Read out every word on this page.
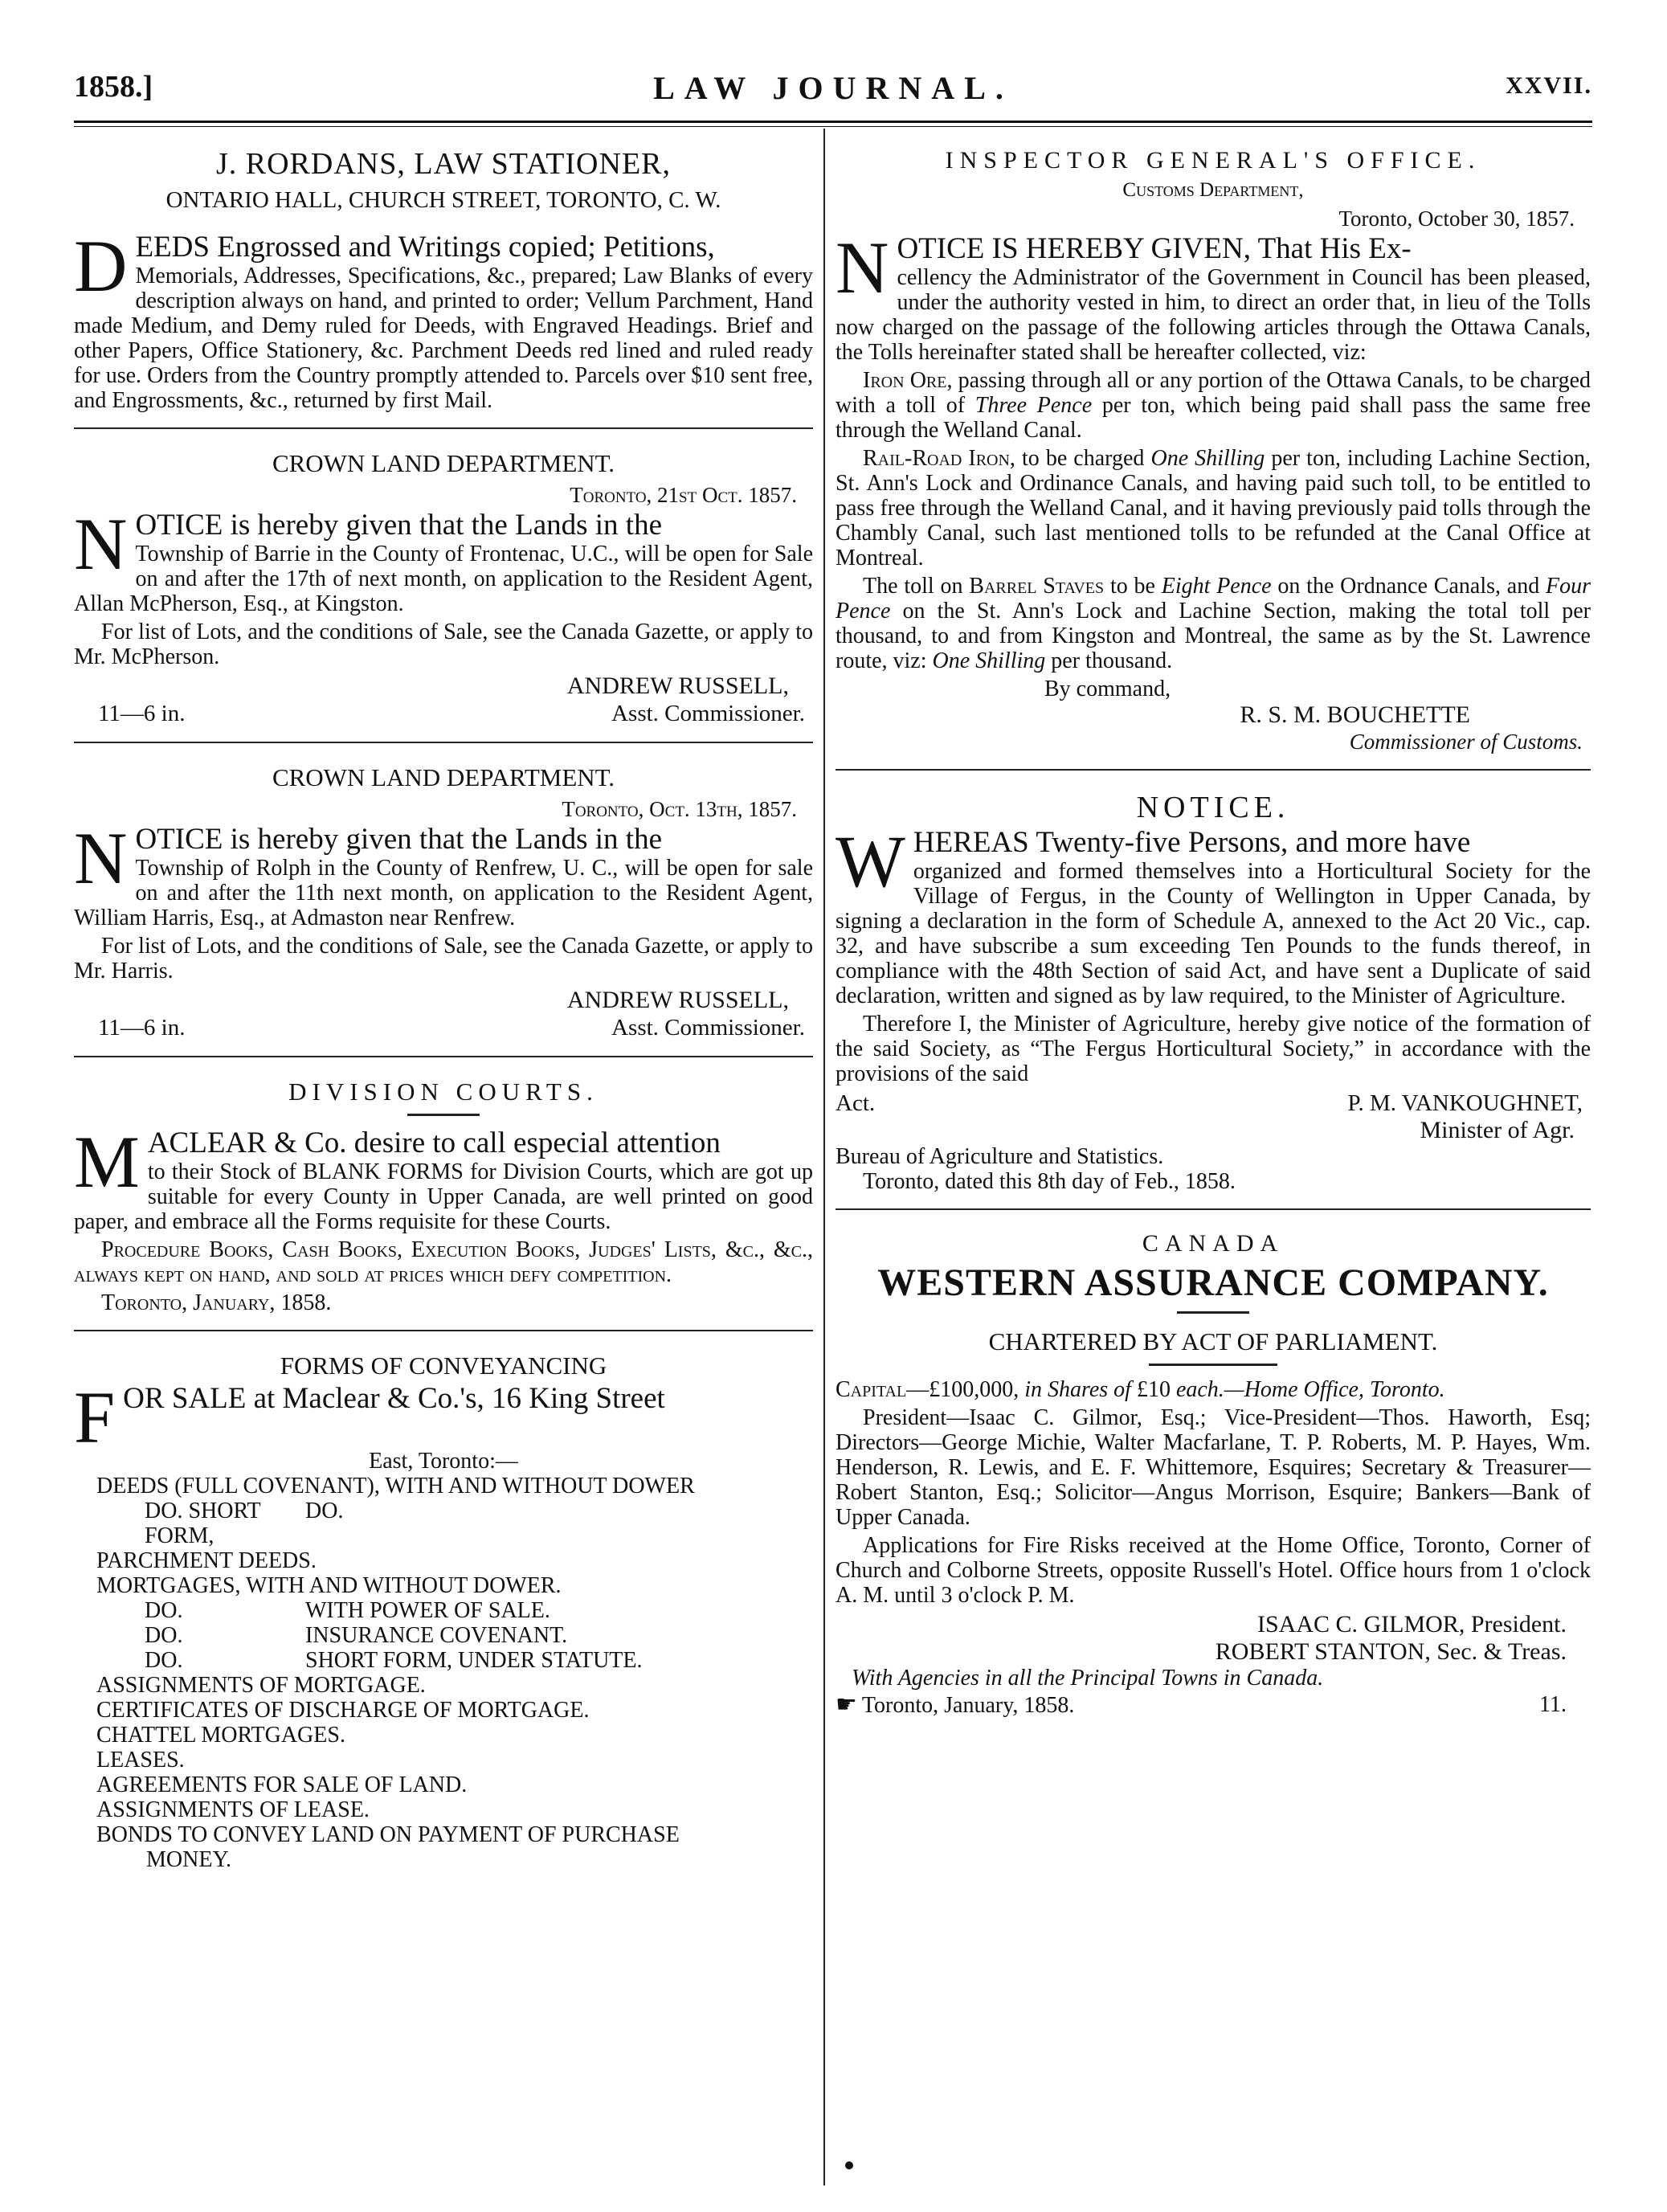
1858.]	LAW JOURNAL.	XXVII.
J. RORDANS, LAW STATIONER,
ONTARIO HALL, CHURCH STREET, TORONTO, C. W.
DEEDS Engrossed and Writings copied; Petitions,

Memorials, Addresses, Specifications, &c., prepared; Law Blanks of every description always on hand, and printed to order; Vellum Parchment, Hand made Medium, and Demy ruled for Deeds, with Engraved Headings. Brief and other Papers, Office Stationery, &c. Parchment Deeds red lined and ruled ready for use. Orders from the Country promptly attended to. Parcels over $10 sent free, and Engrossments, &c., returned by first Mail.

CROWN LAND DEPARTMENT.
Toronto, 21st Oct. 1857.
NOTICE is hereby given that the Lands in the

Township of Barrie in the County of Frontenac, U.C., will be open for Sale on and after the 17th of next month, on application to the Resident Agent, Allan McPherson, Esq., at Kingston.

For list of Lots, and the conditions of Sale, see the Canada Gazette, or apply to Mr. McPherson.

ANDREW RUSSELL,
11—6 in.	Asst. Commissioner.
CROWN LAND DEPARTMENT.
Toronto, Oct. 13th, 1857.
NOTICE is hereby given that the Lands in the

Township of Rolph in the County of Renfrew, U. C., will be open for sale on and after the 11th next month, on application to the Resident Agent, William Harris, Esq., at Admaston near Renfrew.

For list of Lots, and the conditions of Sale, see the Canada Gazette, or apply to Mr. Harris.

ANDREW RUSSELL,
11—6 in.	Asst. Commissioner.
DIVISION COURTS.
MACLEAR & Co. desire to call especial attention

to their Stock of BLANK FORMS for Division Courts, which are got up suitable for every County in Upper Canada, are well printed on good paper, and embrace all the Forms requisite for these Courts.

Procedure Books, Cash Books, Execution Books, Judges' Lists, &c., &c., always kept on hand, and sold at prices which defy competition.

Toronto, January, 1858.

FORMS OF CONVEYANCING
FOR SALE at Maclear & Co.'s, 16 King Street
East, Toronto:—
DEEDS (FULL COVENANT), WITH AND WITHOUT DOWER
DO. SHORT FORM,
DO.
PARCHMENT DEEDS.
MORTGAGES, WITH AND WITHOUT DOWER.
DO.	WITH POWER OF SALE.
DO.	INSURANCE COVENANT.
DO.	SHORT FORM, UNDER STATUTE.
ASSIGNMENTS OF MORTGAGE.
CERTIFICATES OF DISCHARGE OF MORTGAGE.
CHATTEL MORTGAGES.
LEASES.
AGREEMENTS FOR SALE OF LAND.
ASSIGNMENTS OF LEASE.
BONDS TO CONVEY LAND ON PAYMENT OF PURCHASE
MONEY.
INSPECTOR GENERAL'S OFFICE.
Customs Department,
Toronto, October 30, 1857.
NOTICE IS HEREBY GIVEN, That His Ex-

cellency the Administrator of the Government in Council has been pleased, under the authority vested in him, to direct an order that, in lieu of the Tolls now charged on the passage of the following articles through the Ottawa Canals, the Tolls hereinafter stated shall be hereafter collected, viz:

Iron Ore, passing through all or any portion of the Ottawa Canals, to be charged with a toll of Three Pence per ton, which being paid shall pass the same free through the Welland Canal.

Rail-Road Iron, to be charged One Shilling per ton, including Lachine Section, St. Ann's Lock and Ordinance Canals, and having paid such toll, to be entitled to pass free through the Welland Canal, and it having previously paid tolls through the Chambly Canal, such last mentioned tolls to be refunded at the Canal Office at Montreal.

The toll on Barrel Staves to be Eight Pence on the Ordnance Canals, and Four Pence on the St. Ann's Lock and Lachine Section, making the total toll per thousand, to and from Kingston and Montreal, the same as by the St. Lawrence route, viz: One Shilling per thousand.

By command,
R. S. M. BOUCHETTE
Commissioner of Customs.
NOTICE.
WHEREAS Twenty-five Persons, and more have

organized and formed themselves into a Horticultural Society for the Village of Fergus, in the County of Wellington in Upper Canada, by signing a declaration in the form of Schedule A, annexed to the Act 20 Vic., cap. 32, and have subscribe a sum exceeding Ten Pounds to the funds thereof, in compliance with the 48th Section of said Act, and have sent a Duplicate of said declaration, written and signed as by law required, to the Minister of Agriculture.

Therefore I, the Minister of Agriculture, hereby give notice of the formation of the said Society, as “The Fergus Horticultural Society,” in accordance with the provisions of the said

Act.	P. M. VANKOUGHNET,
Minister of Agr.
Bureau of Agriculture and Statistics.
Toronto, dated this 8th day of Feb., 1858.
CANADA
WESTERN ASSURANCE COMPANY.
CHARTERED BY ACT OF PARLIAMENT.

Capital—£100,000, in Shares of £10 each.—Home Office, Toronto.

President—Isaac C. Gilmor, Esq.; Vice-President—Thos. Haworth, Esq; Directors—George Michie, Walter Macfarlane, T. P. Roberts, M. P. Hayes, Wm. Henderson, R. Lewis, and E. F. Whittemore, Esquires; Secretary & Treasurer—Robert Stanton, Esq.; Solicitor—Angus Morrison, Esquire; Bankers—Bank of Upper Canada.

Applications for Fire Risks received at the Home Office, Toronto, Corner of Church and Colborne Streets, opposite Russell's Hotel. Office hours from 1 o'clock A. M. until 3 o'clock P. M.

ISAAC C. GILMOR, President.
ROBERT STANTON, Sec. & Treas.
With Agencies in all the Principal Towns in Canada.
☛ Toronto, January, 1858.	11.
